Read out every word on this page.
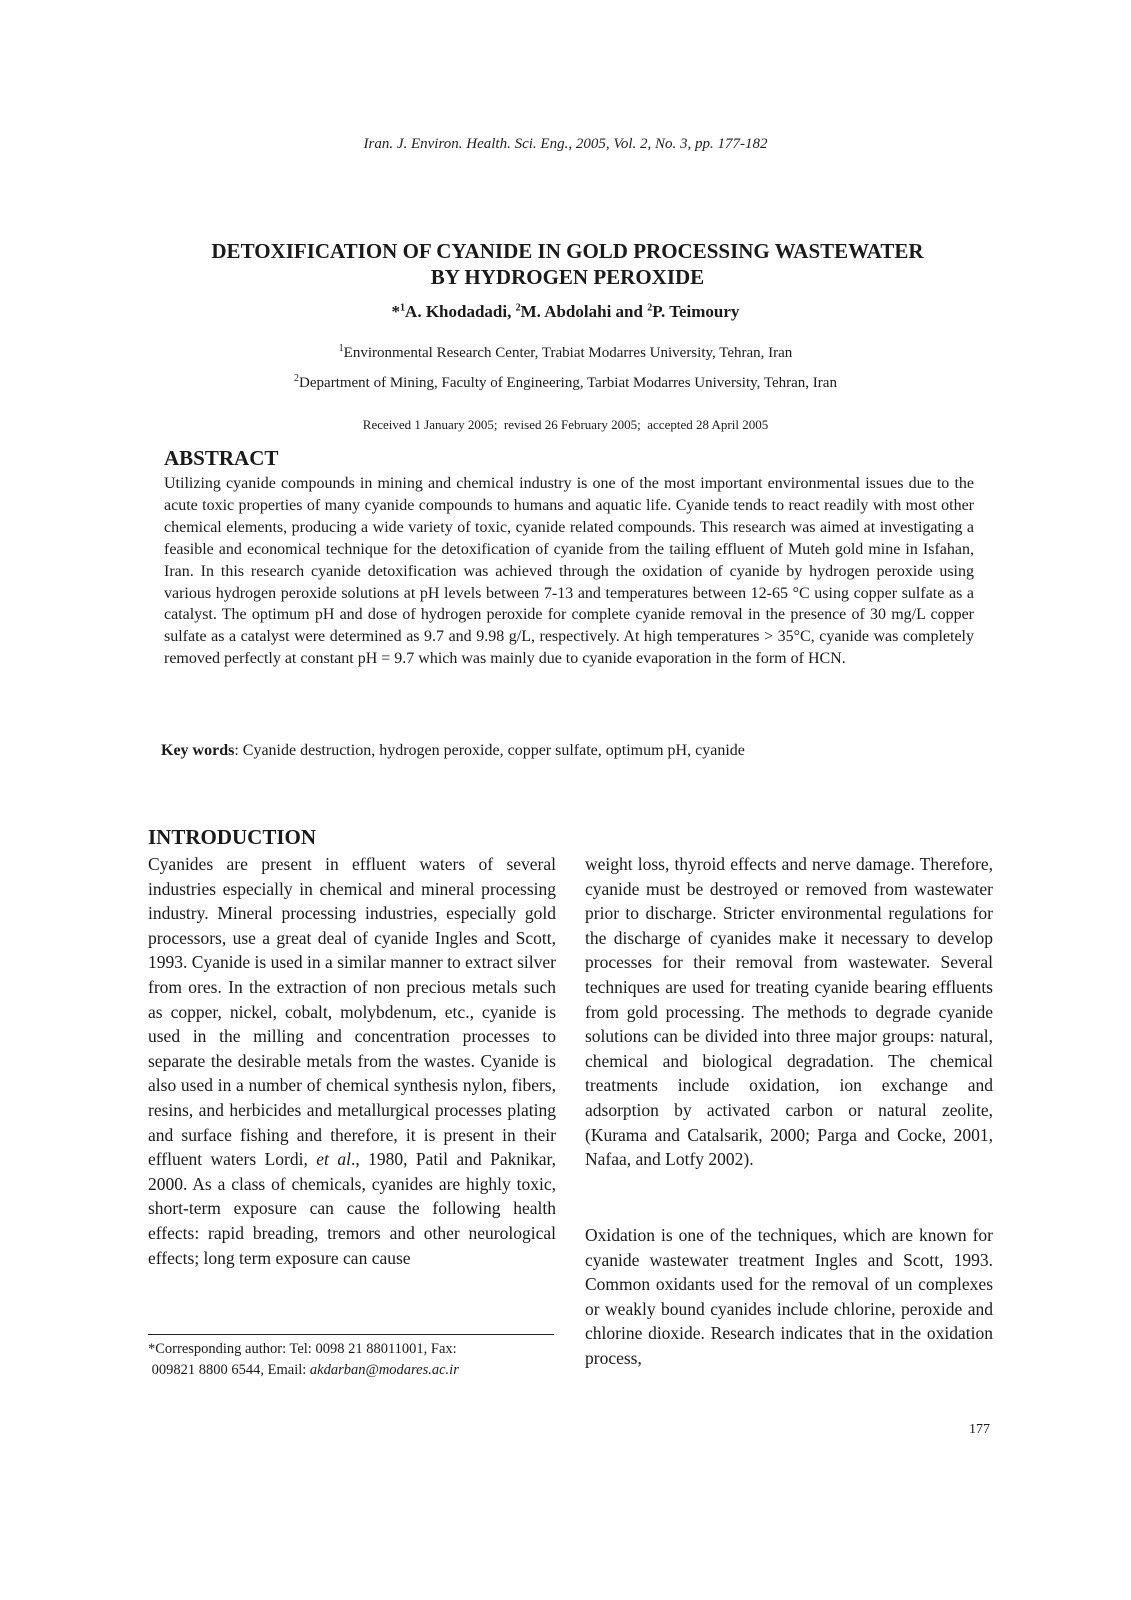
Iran. J. Environ. Health. Sci. Eng., 2005, Vol. 2, No. 3, pp. 177-182
DETOXIFICATION OF CYANIDE IN GOLD PROCESSING WASTEWATER
BY HYDROGEN PEROXIDE
*$^1$A. Khodadadi, $^2$M. Abdolahi and $^2$P. Teimoury
$^1$Environmental Research Center, Trabiat Modarres University, Tehran, Iran
$^2$Department of Mining, Faculty of Engineering, Tarbiat Modarres University, Tehran, Iran
Received 1 January 2005;  revised 26 February 2005;  accepted 28 April 2005
ABSTRACT

Utilizing cyanide compounds in mining and chemical industry is one of the most important environmental issues due to the acute toxic properties of many cyanide compounds to humans and aquatic life. Cyanide tends to react readily with most other chemical elements, producing a wide variety of toxic, cyanide related compounds. This research was aimed at investigating a feasible and economical technique for the detoxification of cyanide from the tailing effluent of Muteh gold mine in Isfahan, Iran. In this research cyanide detoxification was achieved through the oxidation of cyanide by hydrogen peroxide using various hydrogen peroxide solutions at pH levels between 7-13 and temperatures between 12-65 °C using copper sulfate as a catalyst. The optimum pH and dose of hydrogen peroxide for complete cyanide removal in the presence of 30 mg/L copper sulfate as a catalyst were determined as 9.7 and 9.98 g/L, respectively. At high temperatures > 35°C, cyanide was completely removed perfectly at constant pH = 9.7 which was mainly due to cyanide evaporation in the form of HCN.

Key words: Cyanide destruction, hydrogen peroxide, copper sulfate, optimum pH, cyanide
INTRODUCTION

Cyanides are present in effluent waters of several industries especially in chemical and mineral processing industry. Mineral processing industries, especially gold processors, use a great deal of cyanide Ingles and Scott, 1993. Cyanide is used in a similar manner to extract silver from ores. In the extraction of non precious metals such as copper, nickel, cobalt, molybdenum, etc., cyanide is used in the milling and concentration processes to separate the desirable metals from the wastes. Cyanide is also used in a number of chemical synthesis nylon, fibers, resins, and herbicides and metallurgical processes plating and surface fishing and therefore, it is present in their effluent waters Lordi, et al., 1980, Patil and Paknikar, 2000. As a class of chemicals, cyanides are highly toxic, short-term exposure can cause the following health effects: rapid breading, tremors and other neurological effects; long term exposure can cause

weight loss, thyroid effects and nerve damage. Therefore, cyanide must be destroyed or removed from wastewater prior to discharge. Stricter environmental regulations for the discharge of cyanides make it necessary to develop processes for their removal from wastewater. Several techniques are used for treating cyanide bearing effluents from gold processing. The methods to degrade cyanide solutions can be divided into three major groups: natural, chemical and biological degradation. The chemical treatments include oxidation, ion exchange and adsorption by activated carbon or natural zeolite, (Kurama and Catalsarik, 2000; Parga and Cocke, 2001, Nafaa, and Lotfy 2002).

Oxidation is one of the techniques, which are known for cyanide wastewater treatment Ingles and Scott, 1993. Common oxidants used for the removal of un complexes or weakly bound cyanides include chlorine, peroxide and chlorine dioxide. Research indicates that in the oxidation process,

*Corresponding author: Tel: 0098 21 88011001, Fax:
009821 8800 6544, Email: akdarban@modares.ac.ir
177
